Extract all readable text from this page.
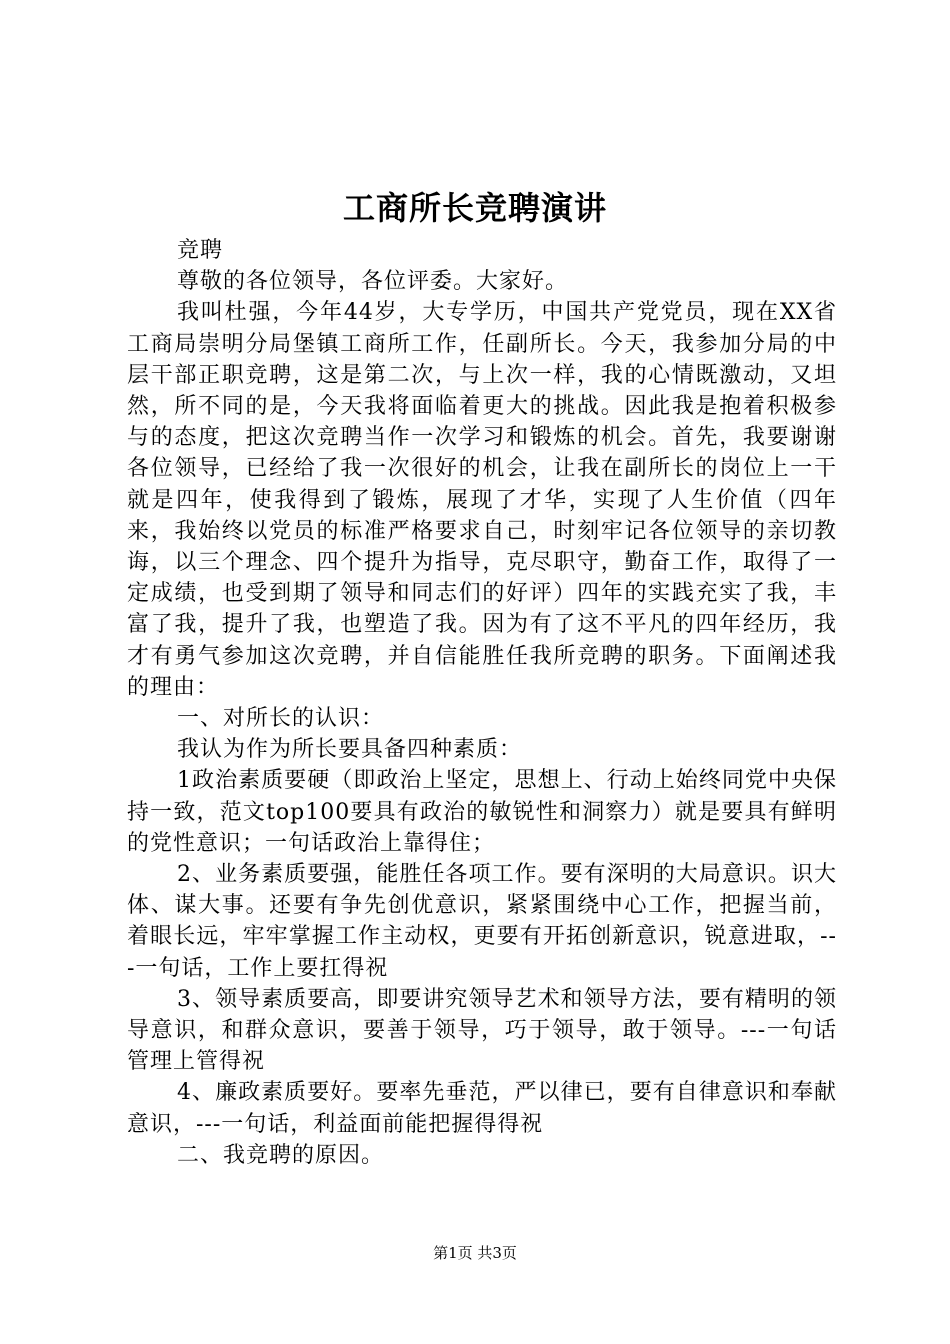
工商所长竞聘演讲

竞聘

尊敬的各位领导，各位评委。大家好。

我叫杜强，今年44岁，大专学历，中国共产党党员，现在XX省工商局崇明分局堡镇工商所工作，任副所长。今天，我参加分局的中层干部正职竞聘，这是第二次，与上次一样，我的心情既激动，又坦然，所不同的是，今天我将面临着更大的挑战。因此我是抱着积极参与的态度，把这次竞聘当作一次学习和锻炼的机会。首先，我要谢谢各位领导，已经给了我一次很好的机会，让我在副所长的岗位上一干就是四年，使我得到了锻炼，展现了才华，实现了人生价值（四年来，我始终以党员的标准严格要求自己，时刻牢记各位领导的亲切教诲，以三个理念、四个提升为指导，克尽职守，勤奋工作，取得了一定成绩，也受到期了领导和同志们的好评）四年的实践充实了我，丰富了我，提升了我，也塑造了我。因为有了这不平凡的四年经历，我才有勇气参加这次竞聘，并自信能胜任我所竞聘的职务。下面阐述我的理由：

一、对所长的认识：

我认为作为所长要具备四种素质：

1政治素质要硬（即政治上坚定，思想上、行动上始终同党中央保持一致，范文top100要具有政治的敏锐性和洞察力）就是要具有鲜明的党性意识；一句话政治上靠得住；

2、业务素质要强，能胜任各项工作。要有深明的大局意识。识大体、谋大事。还要有争先创优意识，紧紧围绕中心工作，把握当前，着眼长远，牢牢掌握工作主动权，更要有开拓创新意识，锐意进取，---一句话，工作上要扛得祝

3、领导素质要高，即要讲究领导艺术和领导方法，要有精明的领导意识，和群众意识，要善于领导，巧于领导，敢于领导。---一句话管理上管得祝

4、廉政素质要好。要率先垂范，严以律已，要有自律意识和奉献意识，---一句话，利益面前能把握得得祝

二、我竞聘的原因。

第1页 共3页
